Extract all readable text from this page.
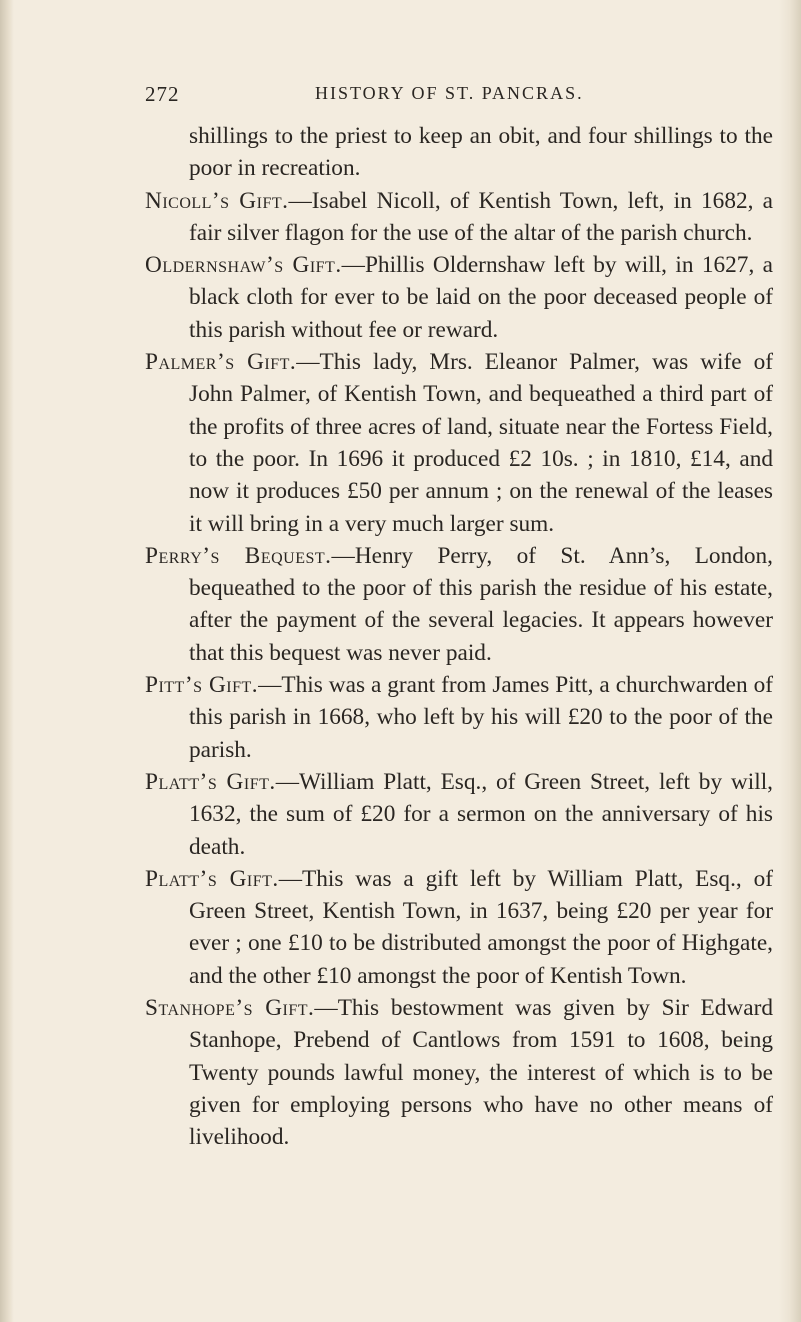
272	HISTORY OF ST. PANCRAS.

shillings to the priest to keep an obit, and four shillings to the poor in recreation.

Nicoll’s Gift.—Isabel Nicoll, of Kentish Town, left, in 1682, a fair silver flagon for the use of the altar of the parish church.

Oldernshaw’s Gift.—Phillis Oldernshaw left by will, in 1627, a black cloth for ever to be laid on the poor deceased people of this parish without fee or reward.

Palmer’s Gift.—This lady, Mrs. Eleanor Palmer, was wife of John Palmer, of Kentish Town, and bequeathed a third part of the profits of three acres of land, situate near the Fortess Field, to the poor. In 1696 it produced £2 10s. ; in 1810, £14, and now it produces £50 per annum ; on the renewal of the leases it will bring in a very much larger sum.

Perry’s Bequest.—Henry Perry, of St. Ann’s, London, bequeathed to the poor of this parish the residue of his estate, after the payment of the several legacies. It appears however that this bequest was never paid.

Pitt’s Gift.—This was a grant from James Pitt, a churchwarden of this parish in 1668, who left by his will £20 to the poor of the parish.

Platt’s Gift.—William Platt, Esq., of Green Street, left by will, 1632, the sum of £20 for a sermon on the anniversary of his death.

Platt’s Gift.—This was a gift left by William Platt, Esq., of Green Street, Kentish Town, in 1637, being £20 per year for ever ; one £10 to be distributed amongst the poor of Highgate, and the other £10 amongst the poor of Kentish Town.

Stanhope’s Gift.—This bestowment was given by Sir Edward Stanhope, Prebend of Cantlows from 1591 to 1608, being Twenty pounds lawful money, the interest of which is to be given for employing persons who have no other means of livelihood.
